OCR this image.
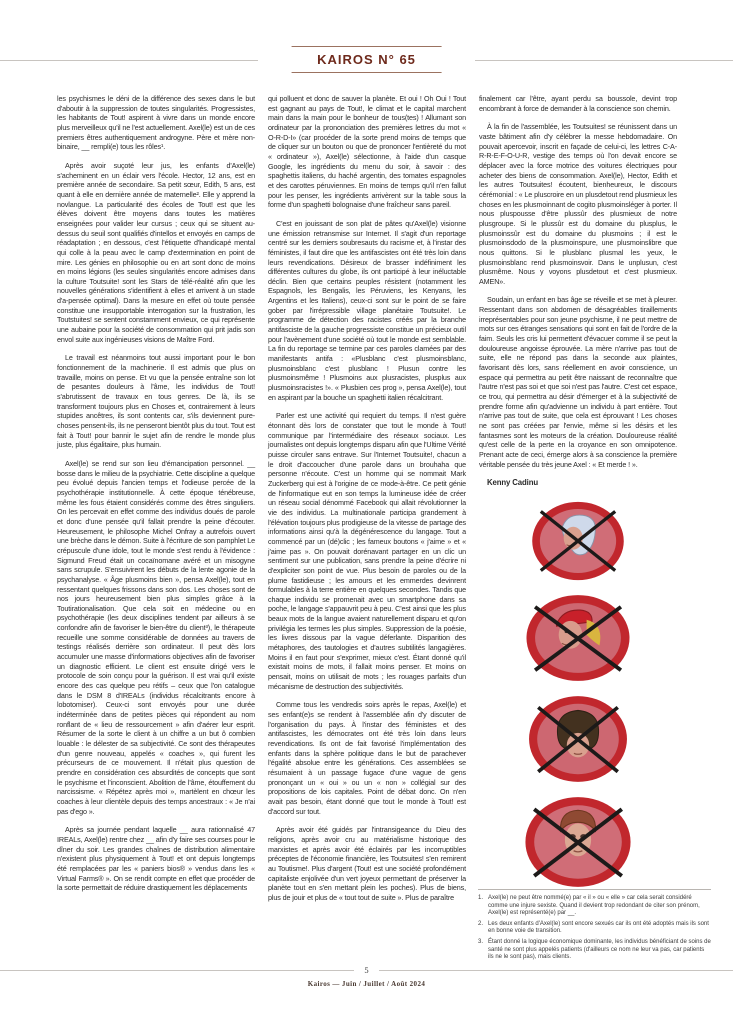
KAIROS N° 65

les psychismes le déni de la différence des sexes dans le but d'aboutir à la suppression de toutes singularités. Progressistes, les habitants de Tout! aspirent à vivre dans un monde encore plus merveilleux qu'il ne l'est actuellement. Axel(le) est un de ces premiers êtres authentiquement androgyne. Père et mère non-binaire, __ rempli(e) tous les rôles¹.

Après avoir suçoté leur jus, les enfants d'Axel(le) s'acheminent en un éclair vers l'école. Hector, 12 ans, est en première année de secondaire. Sa petit sœur, Edith, 5 ans, est quant à elle en dernière année de maternelle². Elle y apprend la novlangue. La particularité des écoles de Tout! est que les élèves doivent être moyens dans toutes les matières enseignées pour valider leur cursus ; ceux qui se situent au-dessus du seuil sont qualifiés d'intellos et envoyés en camps de réadaptation ; en dessous, c'est l'étiquette d'handicapé mental qui colle à la peau avec le camp d'extermination en point de mire. Les génies en philosophie ou en art sont donc de moins en moins légions (les seules singularités encore admises dans la culture Toutsuite! sont les Stars de télé-réalité afin que les nouvelles générations s'identifient à elles et arrivent à un stade d'a-pensée optimal). Dans la mesure en effet où toute pensée constitue une insupportable interrogation sur la frustration, les Toutstuites! se sentent constamment envieux, ce qui représente une aubaine pour la société de consommation qui prit jadis son envol suite aux ingénieuses visions de Maître Ford.

Le travail est néanmoins tout aussi important pour le bon fonctionnement de la machinerie. Il est admis que plus on travaille, moins on pense. Et vu que la pensée entraîne son lot de pesantes douleurs à l'âme, les individus de Tout! s'abrutissent de travaux en tous genres. De là, ils se transforment toujours plus en Choses et, contrairement à leurs stupides ancêtres, ils sont contents car, s'ils deviennent pure- choses pensent-ils, ils ne penseront bientôt plus du tout. Tout est fait à Tout! pour bannir le sujet afin de rendre le monde plus juste, plus égalitaire, plus humain.

Axel(le) se rend sur son lieu d'émancipation personnel. __ bosse dans le milieu de la psychiatrie. Cette discipline a quelque peu évolué depuis l'ancien temps et l'odieuse percée de la psychothérapie institutionnelle. À cette époque ténébreuse, même les fous étaient considérés comme des êtres singuliers. On les percevait en effet comme des individus doués de parole et donc d'une pensée qu'il fallait prendre la peine d'écouter. Heureusement, le philosophe Michel Onfray a autrefois ouvert une brèche dans le démon. Suite à l'écriture de son pamphlet Le crépuscule d'une idole, tout le monde s'est rendu à l'évidence : Sigmund Freud était un cocaïnomane avéré et un misogyne sans scrupule. S'ensuivirent les débuts de la lente agonie de la psychanalyse. « Âge plusmoins bien », pensa Axel(le), tout en ressentant quelques frissons dans son dos. Les choses sont de nos jours heureusement bien plus simples grâce à la Toutirationalisation. Que cela soit en médecine ou en psychothérapie (les deux disciplines tendent par ailleurs à se confondre afin de favoriser le bien-être du client³), le thérapeute recueille une somme considérable de données au travers de testings réalisés derrière son ordinateur. Il peut dès lors accumuler une masse d'informations objectives afin de favoriser un diagnostic efficient. Le client est ensuite dirigé vers le protocole de soin conçu pour la guérison. Il est vrai qu'il existe encore des cas quelque peu rétifs – ceux que l'on catalogue dans le DSM 8 d'IREALs (individus récalcitrants encore à lobotomiser). Ceux-ci sont envoyés pour une durée indéterminée dans de petites pièces qui répondent au nom ronflant de « lieu de ressourcement » afin d'aérer leur esprit. Résumer de la sorte le client à un chiffre a un but ô combien louable : le délester de sa subjectivité. Ce sont des thérapeutes d'un genre nouveau, appelés « coaches », qui furent les précurseurs de ce mouvement. Il n'était plus question de prendre en considération ces absurdités de concepts que sont le psychisme et l'inconscient. Abolition de l'âme, étouffement du narcissisme. « Répétez après moi », martèlent en chœur les coaches à leur clientèle depuis des temps ancestraux : « Je n'ai pas d'ego ».

Après sa journée pendant laquelle __ aura rationnalisé 47 IREALs, Axel(le) rentre chez __ afin d'y faire ses courses pour le dîner du soir. Les grandes chaînes de distribution alimentaire n'existent plus physiquement à Tout! et ont depuis longtemps été remplacées par les « paniers bios® » vendus dans les « Virtual Farms® ». On se rendit compte en effet que procéder de la sorte permettait de réduire drastiquement les déplacements

qui polluent et donc de sauver la planète. Et oui ! Oh Oui ! Tout est gagnant au pays de Tout!, le climat et le capital marchent main dans la main pour le bonheur de tous(tes) ! Allumant son ordinateur par la prononciation des premières lettres du mot « O-R-D-I» (car procéder de la sorte prend moins de temps que de cliquer sur un bouton ou que de prononcer l'entièreté du mot « ordinateur »), Axel(le) sélectionne, à l'aide d'un casque Google, les ingrédients du menu du soir, à savoir : des spaghettis italiens, du haché argentin, des tomates espagnoles et des carottes péruviennes. En moins de temps qu'il n'en fallut pour les penser, les ingrédients arrivèrent sur la table sous la forme d'un spaghetti bolognaise d'une fraîcheur sans pareil.

C'est en jouissant de son plat de pâtes qu'Axel(le) visionne une émission retransmise sur Internet. Il s'agit d'un reportage centré sur les derniers soubresauts du racisme et, à l'instar des féministes, il faut dire que les antifascistes ont été très loin dans leurs revendications. Désireux de brasser indéfiniment les différentes cultures du globe, ils ont participé à leur inéluctable déclin. Bien que certains peuples résistent (notamment les Espagnols, les Bengalis, les Péruviens, les Kenyans, les Argentins et les Italiens), ceux-ci sont sur le point de se faire gober par l'irrépressible village planétaire Toutsuite!. Le programme de détection des racistes créés par la branche antifasciste de la gauche progressiste constitue un précieux outil pour l'avènement d'une société où tout le monde est semblable. La fin du reportage se termine par ces paroles clamées par des manifestants antifa : «Plusblanc c'est plusmoinsblanc, plusmoinsblanc c'est plusblanc ! Plusun contre les plusmoinsmême ! Plusmoins aux plusracistes, plusplus aux plusmoinsracistes !». « Plusbien ces prog », pensa Axel(le), tout en aspirant par la bouche un spaghetti italien récalcitrant.

Parler est une activité qui requiert du temps. Il n'est guère étonnant dès lors de constater que tout le monde à Tout! communique par l'intermédiaire des réseaux sociaux. Les journalistes ont depuis longtemps disparu afin que l'Ultime Vérité puisse circuler sans entrave. Sur l'Internet Toutsuite!, chacun a le droit d'accoucher d'une parole dans un brouhaha que personne n'écoute. C'est un homme qui se nommait Mark Zuckerberg qui est à l'origine de ce mode-à-être. Ce petit génie de l'informatique eut en son temps la lumineuse idée de créer un réseau social dénommé Facebook qui allait révolutionner la vie des individus. La multinationale participa grandement à l'élévation toujours plus prodigieuse de la vitesse de partage des informations ainsi qu'à la dégénérescence du langage. Tout a commencé par un (dé)clic ; les fameux boutons « j'aime » et « j'aime pas ». On pouvait dorénavant partager en un clic un sentiment sur une publication, sans prendre la peine d'écrire ni d'expliciter son point de vue. Plus besoin de paroles ou de la plume fastidieuse ; les amours et les emmerdes devinrent formulables à la terre entière en quelques secondes. Tandis que chaque individu se promenait avec un smartphone dans sa poche, le langage s'appauvrit peu à peu. C'est ainsi que les plus beaux mots de la langue avaient naturellement disparu et qu'on privilégia les termes les plus simples. Suppression de la poésie, les livres dissous par la vague déferlante. Disparition des métaphores, des tautologies et d'autres subtilités langagières. Moins il en faut pour s'exprimer, mieux c'est. Étant donné qu'il existait moins de mots, il fallait moins penser. Et moins on pensait, moins on utilisait de mots ; les rouages parfaits d'un mécanisme de destruction des subjectivités.

Comme tous les vendredis soirs après le repas, Axel(le) et ses enfant(e)s se rendent à l'assemblée afin d'y discuter de l'organisation du pays. À l'instar des féministes et des antifascistes, les démocrates ont été très loin dans leurs revendications. Ils ont de fait favorisé l'implémentation des enfants dans la sphère politique dans le but de parachever l'égalité absolue entre les générations. Ces assemblées se résumaient à un passage fugace d'une vague de gens prononçant un « oui » ou un « non » collégial sur des propositions de lois capitales. Point de débat donc. On n'en avait pas besoin, étant donné que tout le monde à Tout! est d'accord sur tout.

Après avoir été guidés par l'intransigeance du Dieu des religions, après avoir cru au matérialisme historique des marxistes et après avoir été éclairés par les incorruptibles préceptes de l'économie financière, les Toutsuites! s'en remirent au Toutisme!. Plus d'argent (Tout! est une société profondément capitaliste enjolivée d'un vert joyeux permettant de préserver la planète tout en s'en mettant plein les poches). Plus de biens, plus de jouir et plus de « tout tout de suite ». Plus de paraître

finalement car l'être, ayant perdu sa boussole, devint trop encombrant à force de demander à la conscience son chemin.

À la fin de l'assemblée, les Toutsuites! se réunissent dans un vaste bâtiment afin d'y célébrer la messe hebdomadaire. On pouvait apercevoir, inscrit en façade de celui-ci, les lettres C-A-R-R-E-F-O-U-R, vestige des temps où l'on devait encore se déplacer avec la force motrice des voitures électriques pour acheter des biens de consommation. Axel(le), Hector, Edith et les autres Toutsuites! écoutent, bienheureux, le discours cérémonial : « Le pluscroire en un plusdetout rend plusmieux les choses en les plusmoinnant de cogito plusmoinsléger à porter. Il nous pluspousse d'être plussûr des plusmieux de notre plusgroupe. Si le plussûr est du domaine du plusplus, le plusmoinssûr est du domaine du plusmoins ; il est le plusmoinsdodo de la plusmoinspure, une plusmoinslibre que nous quittons. Si le plusblanc plusmal les yeux, le plusmoinsblanc rend plusmoinsvoir. Dans le unplusun, c'est plusmême. Nous y voyons plusdetout et c'est plusmieux. AMEN».

Soudain, un enfant en bas âge se réveille et se met à pleurer. Ressentant dans son abdomen de désagréables tiraillements irreprésentables pour son jeune psychisme, il ne peut mettre de mots sur ces étranges sensations qui sont en fait de l'ordre de la faim. Seuls les cris lui permettent d'évacuer comme il se peut la douloureuse angoisse éprouvée. La mère n'arrive pas tout de suite, elle ne répond pas dans la seconde aux plaintes, favorisant dès lors, sans réellement en avoir conscience, un espace qui permettra au petit être naissant de reconnaître que l'autre n'est pas soi et que soi n'est pas l'autre. C'est cet espace, ce trou, qui permettra au désir d'émerger et à la subjectivité de prendre forme afin qu'advienne un individu à part entière. Tout n'arrive pas tout de suite, que cela est éprouvant ! Les choses ne sont pas créées par l'envie, même si les désirs et les fantasmes sont les moteurs de la création. Douloureuse réalité qu'est celle de la perte en la croyance en son omnipotence. Prenant acte de ceci, émerge alors à sa conscience la première véritable pensée du très jeune Axel : « Et merde ! ».

Kenny Cadinu

1. Axel(le) ne peut être nommé(e) par « il » ou « elle » car cela serait considéré comme une injure sexiste. Quand il devient trop redondant de citer son prénom, Axel(le) est représenté(e) par __.

2. Les deux enfants d'Axel(le) sont encore sexués car ils ont été adoptés mais ils sont en bonne voie de transition.

3. Étant donné la logique économique dominante, les individus bénéficiant de soins de santé ne sont plus appelés patients (d'ailleurs ce nom ne leur va pas, car patients ils ne le sont pas), mais clients.

5
Kairos — Juin / Juillet / Août 2024
